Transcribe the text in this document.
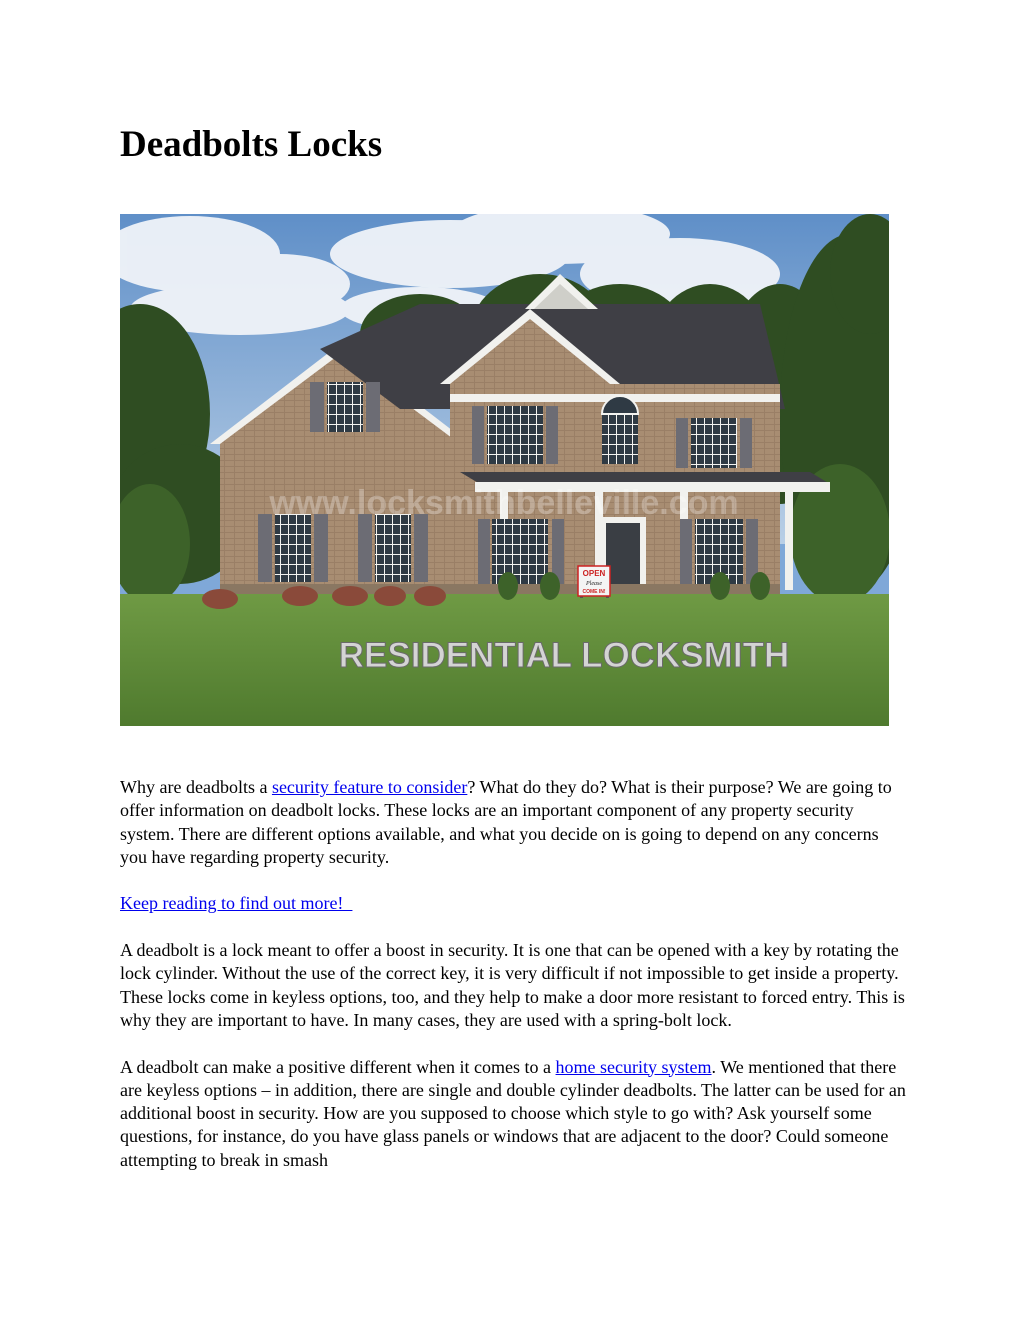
Deadbolts Locks
OPEN
Please
COME IN!
www.locksmithbelleville.com
RESIDENTIAL LOCKSMITH

Why are deadbolts a security feature to consider? What do they do? What is their purpose? We are going to offer information on deadbolt locks. These locks are an important component of any property security system. There are different options available, and what you decide on is going to depend on any concerns you have regarding property security.

Keep reading to find out more!

A deadbolt is a lock meant to offer a boost in security. It is one that can be opened with a key by rotating the lock cylinder. Without the use of the correct key, it is very difficult if not impossible to get inside a property. These locks come in keyless options, too, and they help to make a door more resistant to forced entry. This is why they are important to have. In many cases, they are used with a spring-bolt lock.

A deadbolt can make a positive different when it comes to a home security system. We mentioned that there are keyless options – in addition, there are single and double cylinder deadbolts. The latter can be used for an additional boost in security. How are you supposed to choose which style to go with? Ask yourself some questions, for instance, do you have glass panels or windows that are adjacent to the door? Could someone attempting to break in smash
